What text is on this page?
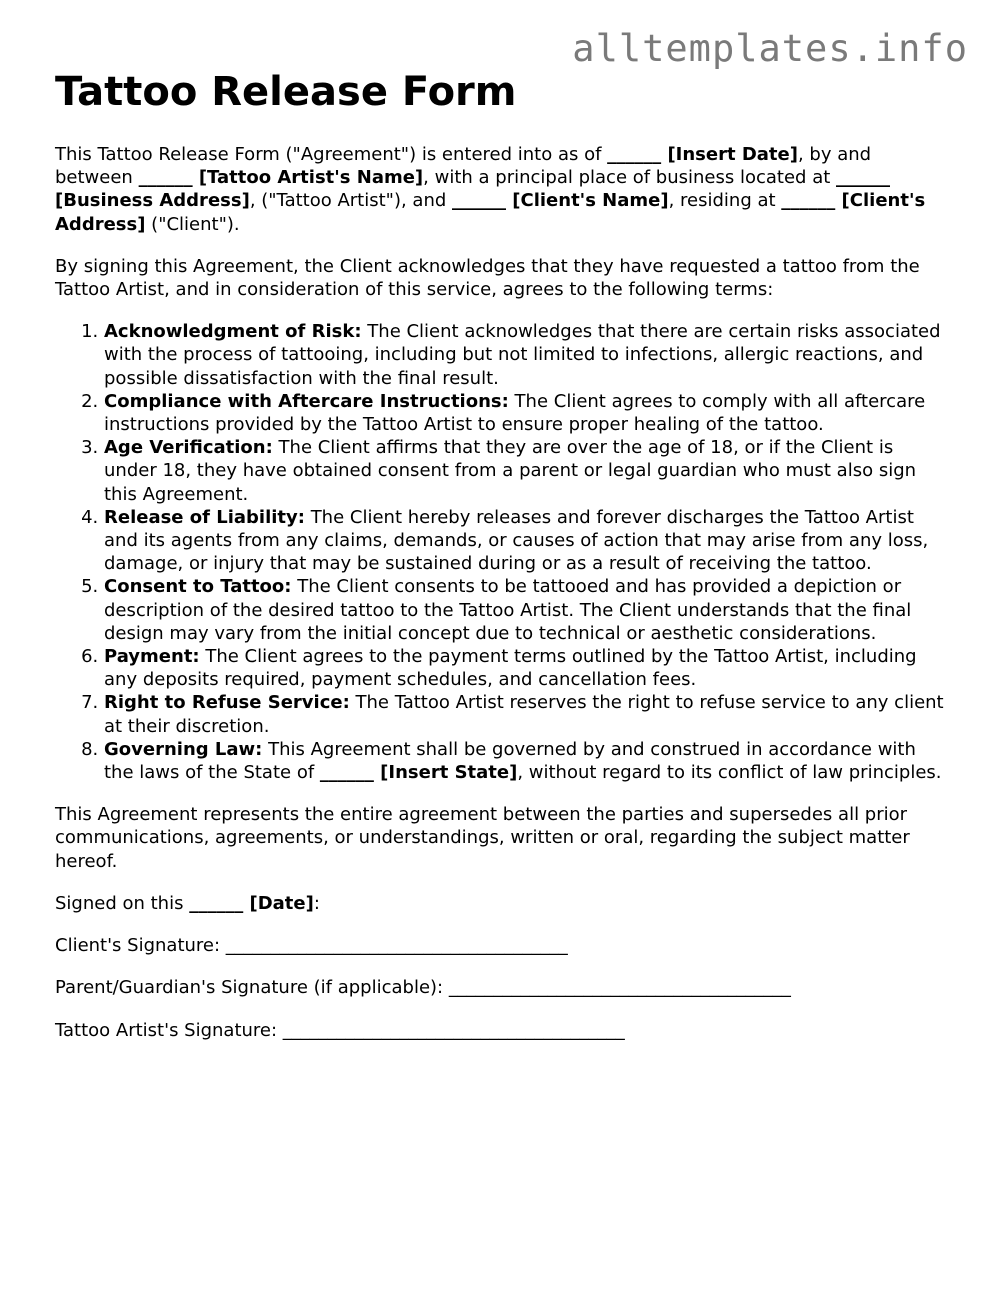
alltemplates.info
Tattoo Release Form

This Tattoo Release Form ("Agreement") is entered into as of ______ [Insert Date], by and between ______ [Tattoo Artist's Name], with a principal place of business located at ______ [Business Address], ("Tattoo Artist"), and ______ [Client's Name], residing at ______ [Client's Address] ("Client").

By signing this Agreement, the Client acknowledges that they have requested a tattoo from the Tattoo Artist, and in consideration of this service, agrees to the following terms:

1. Acknowledgment of Risk: The Client acknowledges that there are certain risks associated with the process of tattooing, including but not limited to infections, allergic reactions, and possible dissatisfaction with the final result.
2. Compliance with Aftercare Instructions: The Client agrees to comply with all aftercare instructions provided by the Tattoo Artist to ensure proper healing of the tattoo.
3. Age Verification: The Client affirms that they are over the age of 18, or if the Client is under 18, they have obtained consent from a parent or legal guardian who must also sign this Agreement.
4. Release of Liability: The Client hereby releases and forever discharges the Tattoo Artist and its agents from any claims, demands, or causes of action that may arise from any loss, damage, or injury that may be sustained during or as a result of receiving the tattoo.
5. Consent to Tattoo: The Client consents to be tattooed and has provided a depiction or description of the desired tattoo to the Tattoo Artist. The Client understands that the final design may vary from the initial concept due to technical or aesthetic considerations.
6. Payment: The Client agrees to the payment terms outlined by the Tattoo Artist, including any deposits required, payment schedules, and cancellation fees.
7. Right to Refuse Service: The Tattoo Artist reserves the right to refuse service to any client at their discretion.
8. Governing Law: This Agreement shall be governed by and construed in accordance with the laws of the State of ______ [Insert State], without regard to its conflict of law principles.

This Agreement represents the entire agreement between the parties and supersedes all prior communications, agreements, or understandings, written or oral, regarding the subject matter hereof.

Signed on this ______ [Date]:

Client's Signature: ______________________________________

Parent/Guardian's Signature (if applicable): ______________________________________

Tattoo Artist's Signature: ______________________________________
